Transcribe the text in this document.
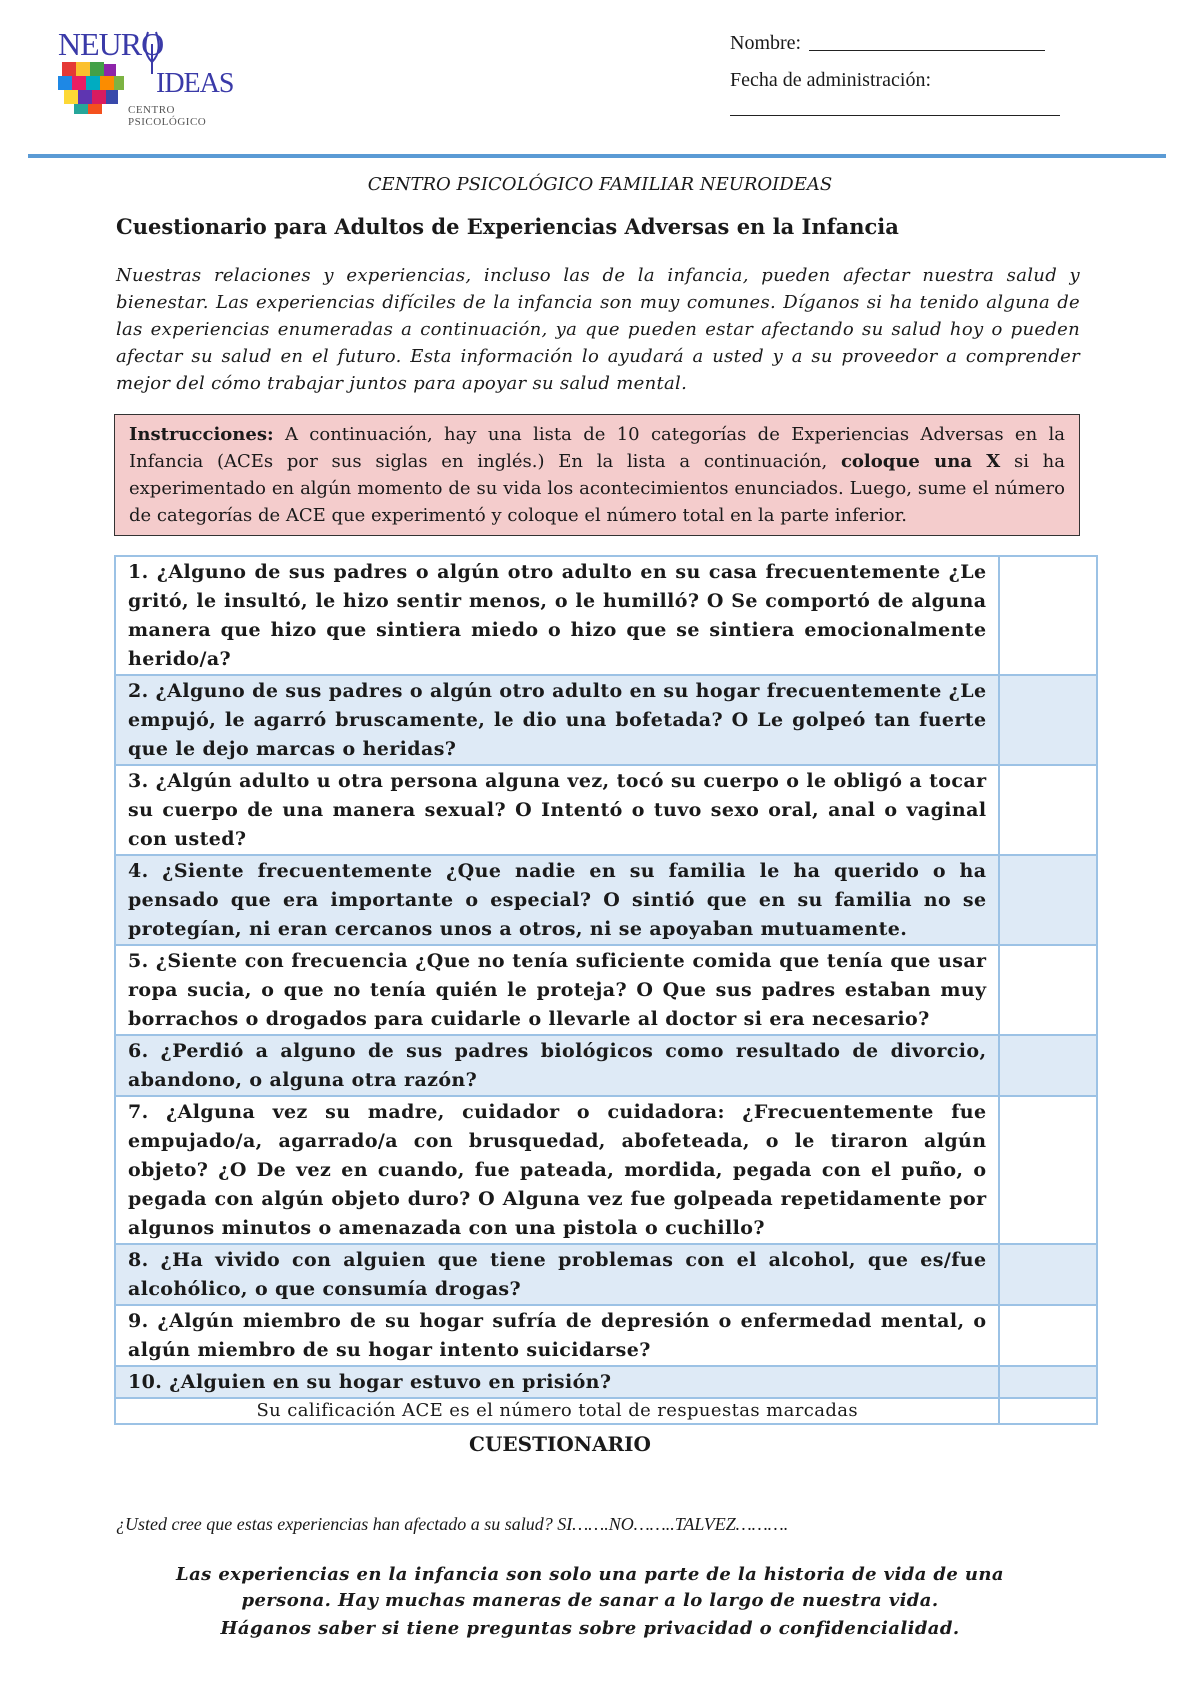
NEURO
IDEAS
CENTRO PSICOLÓGICO
Nombre:
Fecha de administración:
CENTRO PSICOLÓGICO FAMILIAR NEUROIDEAS
Cuestionario para Adultos de Experiencias Adversas en la Infancia
Nuestras relaciones y experiencias, incluso las de la infancia, pueden afectar nuestra salud y bienestar. Las experiencias difíciles de la infancia son muy comunes. Díganos si ha tenido alguna de las experiencias enumeradas a continuación, ya que pueden estar afectando su salud hoy o pueden afectar su salud en el futuro. Esta información lo ayudará a usted y a su proveedor a comprender mejor del cómo trabajar juntos para apoyar su salud mental.
Instrucciones: A continuación, hay una lista de 10 categorías de Experiencias Adversas en la Infancia (ACEs por sus siglas en inglés.) En la lista a continuación, coloque una X si ha experimentado en algún momento de su vida los acontecimientos enunciados. Luego, sume el número de categorías de ACE que experimentó y coloque el número total en la parte inferior.
1. ¿Alguno de sus padres o algún otro adulto en su casa frecuentemente ¿Le gritó, le insultó, le hizo sentir menos, o le humilló? O Se comportó de alguna manera que hizo que sintiera miedo o hizo que se sintiera emocionalmente herido/a?	
2. ¿Alguno de sus padres o algún otro adulto en su hogar frecuentemente ¿Le empujó, le agarró bruscamente, le dio una bofetada? O Le golpeó tan fuerte que le dejo marcas o heridas?	
3. ¿Algún adulto u otra persona alguna vez, tocó su cuerpo o le obligó a tocar su cuerpo de una manera sexual? O Intentó o tuvo sexo oral, anal o vaginal con usted?	
4. ¿Siente frecuentemente ¿Que nadie en su familia le ha querido o ha pensado que era importante o especial? O sintió que en su familia no se protegían, ni eran cercanos unos a otros, ni se apoyaban mutuamente.	
5. ¿Siente con frecuencia ¿Que no tenía suficiente comida que tenía que usar ropa sucia, o que no tenía quién le proteja? O Que sus padres estaban muy borrachos o drogados para cuidarle o llevarle al doctor si era necesario?	
6. ¿Perdió a alguno de sus padres biológicos como resultado de divorcio, abandono, o alguna otra razón?	
7. ¿Alguna vez su madre, cuidador o cuidadora: ¿Frecuentemente fue empujado/a, agarrado/a con brusquedad, abofeteada, o le tiraron algún objeto? ¿O De vez en cuando, fue pateada, mordida, pegada con el puño, o pegada con algún objeto duro? O Alguna vez fue golpeada repetidamente por algunos minutos o amenazada con una pistola o cuchillo?	
8. ¿Ha vivido con alguien que tiene problemas con el alcohol, que es/fue alcohólico, o que consumía drogas?	
9. ¿Algún miembro de su hogar sufría de depresión o enfermedad mental, o algún miembro de su hogar intento suicidarse?	
10. ¿Alguien en su hogar estuvo en prisión?	
Su calificación ACE es el número total de respuestas marcadas	
CUESTIONARIO
¿Usted cree que estas experiencias han afectado a su salud? SI…….NO……..TALVEZ……….
Las experiencias en la infancia son solo una parte de la historia de vida de una persona. Hay muchas maneras de sanar a lo largo de nuestra vida.
Háganos saber si tiene preguntas sobre privacidad o confidencialidad.
